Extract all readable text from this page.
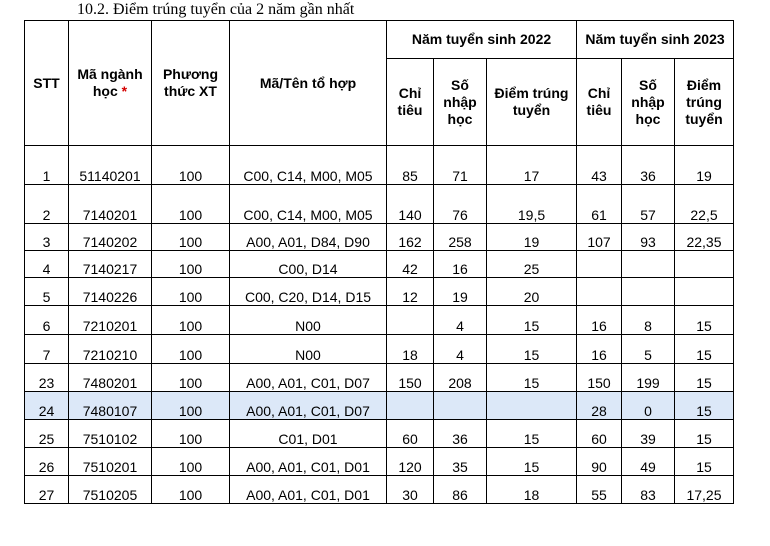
10.2. Điểm trúng tuyển của 2 năm gần nhất
STT	Mã ngành học *	Phương thức XT	Mã/Tên tổ hợp	Năm tuyển sinh 2022			Năm tuyển sinh 2023		
				Chỉ tiêu	Số nhập học	Điểm trúng tuyển	Chỉ tiêu	Số nhập học	Điểm trúng tuyển
1	51140201	100	C00, C14, M00, M05	85	71	17	43	36	19
2	7140201	100	C00, C14, M00, M05	140	76	19,5	61	57	22,5
3	7140202	100	A00, A01, D84, D90	162	258	19	107	93	22,35
4	7140217	100	C00, D14	42	16	25			
5	7140226	100	C00, C20, D14, D15	12	19	20			
6	7210201	100	N00		4	15	16	8	15
7	7210210	100	N00	18	4	15	16	5	15
23	7480201	100	A00, A01, C01, D07	150	208	15	150	199	15
24	7480107	100	A00, A01, C01, D07				28	0	15
25	7510102	100	C01, D01	60	36	15	60	39	15
26	7510201	100	A00, A01, C01, D01	120	35	15	90	49	15
27	7510205	100	A00, A01, C01, D01	30	86	18	55	83	17,25
